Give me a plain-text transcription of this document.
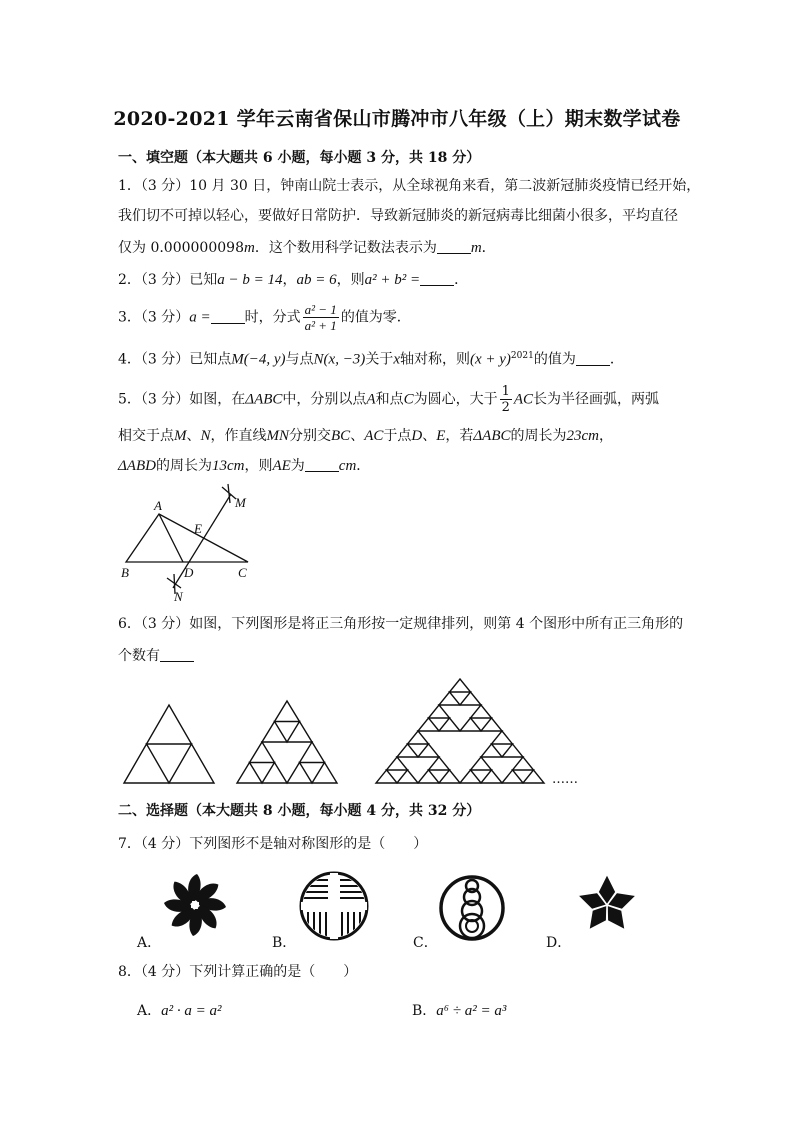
2020-2021 学年云南省保山市腾冲市八年级（上）期末数学试卷
一、填空题（本大题共 6 小题，每小题 3 分，共 18 分）
1．（3 分）10 月 30 日，钟南山院士表示，从全球视角来看，第二波新冠肺炎疫情已经开始，
我们切不可掉以轻心，要做好日常防护．导致新冠肺炎的新冠病毒比细菌小很多，平均直径
仅为 0.000000098m．这个数用科学记数法表示为 m．
2．（3 分）已知a − b = 14，ab = 6，则a² + b² = ．
3．（3 分）a = 时，分式 $\frac{\text{a² − 1}}{\text{a² + 1}}$ 的值为零．
4．（3 分）已知点M(−4, y)与点N(x, −3)关于x轴对称，则$(x + y)^{2021}$的值为 ．
5．（3 分）如图，在ΔABC中，分别以点A和点C为圆心，大于 $\frac{1}{2}$ AC长为半径画弧，两弧
相交于点M、N，作直线MN分别交BC、AC于点D、E，若ΔABC的周长为23cm，
ΔABD的周长为13cm，则AE为 cm．
A
B	C
D
E
M
N
6．（3 分）如图，下列图形是将正三角形按一定规律排列，则第 4 个图形中所有正三角形的
个数有
……
二、选择题（本大题共 8 小题，每小题 4 分，共 32 分）
7．（4 分）下列图形不是轴对称图形的是（　　）
A．	B．	C．	D．
8．（4 分）下列计算正确的是（　　）
A．a² · a = a²	B．a⁶ ÷ a² = a³
